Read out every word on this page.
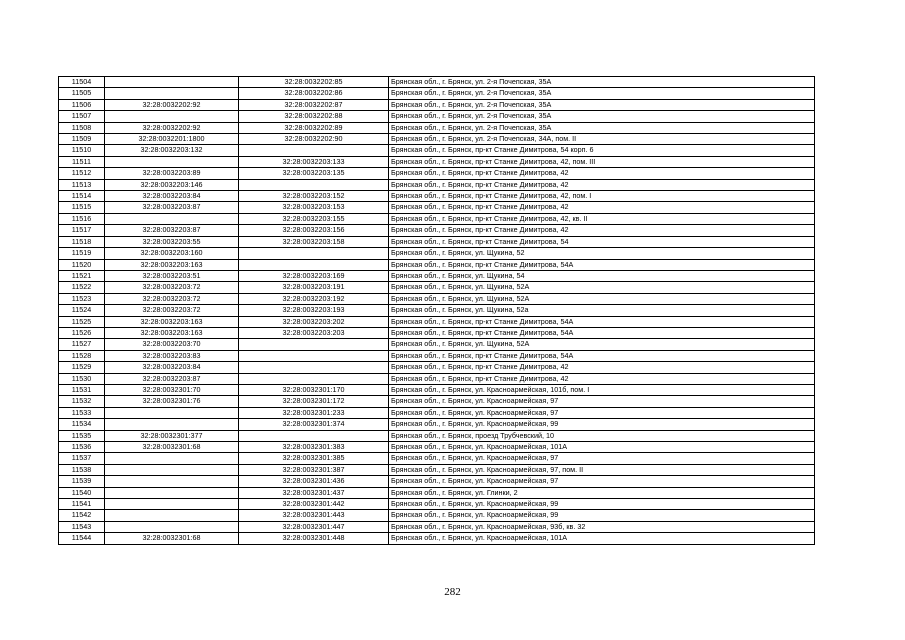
11504		32:28:0032202:85	Брянская обл., г. Брянск, ул. 2-я Почепская, 35А
11505		32:28:0032202:86	Брянская обл., г. Брянск, ул. 2-я Почепская, 35А
11506	32:28:0032202:92	32:28:0032202:87	Брянская обл., г. Брянск, ул. 2-я Почепская, 35А
11507		32:28:0032202:88	Брянская обл., г. Брянск, ул. 2-я Почепская, 35А
11508	32:28:0032202:92	32:28:0032202:89	Брянская обл., г. Брянск, ул. 2-я Почепская, 35А
11509	32:28:0032201:1800	32:28:0032202:90	Брянская обл., г. Брянск, ул. 2-я Почепская, 34А, пом. II
11510	32:28:0032203:132		Брянская обл., г. Брянск, пр-кт Станке Димитрова, 54 корп. 6
11511		32:28:0032203:133	Брянская обл., г. Брянск, пр-кт Станке Димитрова, 42, пом. III
11512	32:28:0032203:89	32:28:0032203:135	Брянская обл., г. Брянск, пр-кт Станке Димитрова, 42
11513	32:28:0032203:146		Брянская обл., г. Брянск, пр-кт Станке Димитрова, 42
11514	32:28:0032203:84	32:28:0032203:152	Брянская обл., г. Брянск, пр-кт Станке Димитрова, 42, пом. I
11515	32:28:0032203:87	32:28:0032203:153	Брянская обл., г. Брянск, пр-кт Станке Димитрова, 42
11516		32:28:0032203:155	Брянская обл., г. Брянск, пр-кт Станке Димитрова, 42, кв. II
11517	32:28:0032203:87	32:28:0032203:156	Брянская обл., г. Брянск, пр-кт Станке Димитрова, 42
11518	32:28:0032203:55	32:28:0032203:158	Брянская обл., г. Брянск, пр-кт Станке Димитрова, 54
11519	32:28:0032203:160		Брянская обл., г. Брянск, ул. Щукина, 52
11520	32:28:0032203:163		Брянская обл., г. Брянск, пр-кт Станке Димитрова, 54А
11521	32:28:0032203:51	32:28:0032203:169	Брянская обл., г. Брянск, ул. Щукина, 54
11522	32:28:0032203:72	32:28:0032203:191	Брянская обл., г. Брянск, ул. Щукина, 52А
11523	32:28:0032203:72	32:28:0032203:192	Брянская обл., г. Брянск, ул. Щукина, 52А
11524	32:28:0032203:72	32:28:0032203:193	Брянская обл., г. Брянск, ул. Щукина, 52а
11525	32:28:0032203:163	32:28:0032203:202	Брянская обл., г. Брянск, пр-кт Станке Димитрова, 54А
11526	32:28:0032203:163	32:28:0032203:203	Брянская обл., г. Брянск, пр-кт Станке Димитрова, 54А
11527	32:28:0032203:70		Брянская обл., г. Брянск, ул. Щукина, 52А
11528	32:28:0032203:83		Брянская обл., г. Брянск, пр-кт Станке Димитрова, 54А
11529	32:28:0032203:84		Брянская обл., г. Брянск, пр-кт Станке Димитрова, 42
11530	32:28:0032203:87		Брянская обл., г. Брянск, пр-кт Станке Димитрова, 42
11531	32:28:0032301:70	32:28:0032301:170	Брянская обл., г. Брянск, ул. Красноармейская, 101б, пом. I
11532	32:28:0032301:76	32:28:0032301:172	Брянская обл., г. Брянск, ул. Красноармейская, 97
11533		32:28:0032301:233	Брянская обл., г. Брянск, ул. Красноармейская, 97
11534		32:28:0032301:374	Брянская обл., г. Брянск, ул. Красноармейская, 99
11535	32:28:0032301:377		Брянская обл., г. Брянск, проезд Трубчевский, 10
11536	32:28:0032301:68	32:28:0032301:383	Брянская обл., г. Брянск, ул. Красноармейская, 101А
11537		32:28:0032301:385	Брянская обл., г. Брянск, ул. Красноармейская, 97
11538		32:28:0032301:387	Брянская обл., г. Брянск, ул. Красноармейская, 97, пом. II
11539		32:28:0032301:436	Брянская обл., г. Брянск, ул. Красноармейская, 97
11540		32:28:0032301:437	Брянская обл., г. Брянск, ул. Глинки, 2
11541		32:28:0032301:442	Брянская обл., г. Брянск, ул. Красноармейская, 99
11542		32:28:0032301:443	Брянская обл., г. Брянск, ул. Красноармейская, 99
11543		32:28:0032301:447	Брянская обл., г. Брянск, ул. Красноармейская, 93б, кв. 32
11544	32:28:0032301:68	32:28:0032301:448	Брянская обл., г. Брянск, ул. Красноармейская, 101А
282
